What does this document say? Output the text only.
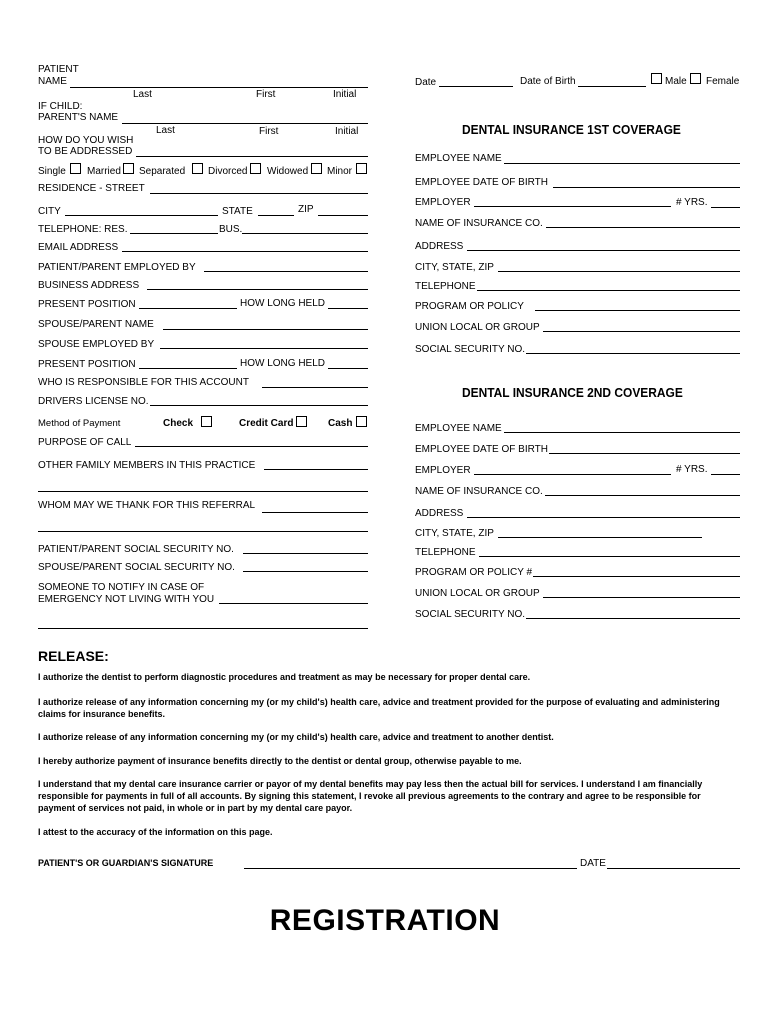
PATIENT
NAME
Last	First	Initial
IF CHILD:
PARENT'S NAME
Last	First	Initial
HOW DO YOU WISH
TO BE ADDRESSED
Single Married Separated Divorced Widowed Minor
RESIDENCE - STREET
CITY	STATE	ZIP
TELEPHONE: RES.	BUS.
EMAIL ADDRESS
PATIENT/PARENT EMPLOYED BY
BUSINESS ADDRESS
PRESENT POSITION	HOW LONG HELD
SPOUSE/PARENT NAME
SPOUSE EMPLOYED BY
PRESENT POSITION	HOW LONG HELD
WHO IS RESPONSIBLE FOR THIS ACCOUNT
DRIVERS LICENSE NO.
Method of Payment	Check	Credit Card	Cash
PURPOSE OF CALL
OTHER FAMILY MEMBERS IN THIS PRACTICE
WHOM MAY WE THANK FOR THIS REFERRAL
PATIENT/PARENT SOCIAL SECURITY NO.
SPOUSE/PARENT SOCIAL SECURITY NO.
SOMEONE TO NOTIFY IN CASE OF
EMERGENCY NOT LIVING WITH YOU
Date	Date of Birth	Male Female
DENTAL INSURANCE 1ST COVERAGE
EMPLOYEE NAME
EMPLOYEE DATE OF BIRTH
EMPLOYER	# YRS.
NAME OF INSURANCE CO.
ADDRESS
CITY, STATE, ZIP
TELEPHONE
PROGRAM OR POLICY
UNION LOCAL OR GROUP
SOCIAL SECURITY NO.
DENTAL INSURANCE 2ND COVERAGE
EMPLOYEE NAME
EMPLOYEE DATE OF BIRTH
EMPLOYER	# YRS.
NAME OF INSURANCE CO.
ADDRESS
CITY, STATE, ZIP
TELEPHONE
PROGRAM OR POLICY #
UNION LOCAL OR GROUP
SOCIAL SECURITY NO.
RELEASE:
I authorize the dentist to perform diagnostic procedures and treatment as may be necessary for proper dental care.
I authorize release of any information concerning my (or my child's) health care, advice and treatment provided for the purpose of evaluating and administering claims for insurance benefits.
I authorize release of any information concerning my (or my child's) health care, advice and treatment to another dentist.
I hereby authorize payment of insurance benefits directly to the dentist or dental group, otherwise payable to me.
I understand that my dental care insurance carrier or payor of my dental benefits may pay less then the actual bill for services. I understand I am financially responsible for payments in full of all accounts. By signing this statement, I revoke all previous agreements to the contrary and agree to be responsible for payment of services not paid, in whole or in part by my dental care payor.
I attest to the accuracy of the information on this page.
PATIENT'S OR GUARDIAN'S SIGNATURE	DATE
REGISTRATION
